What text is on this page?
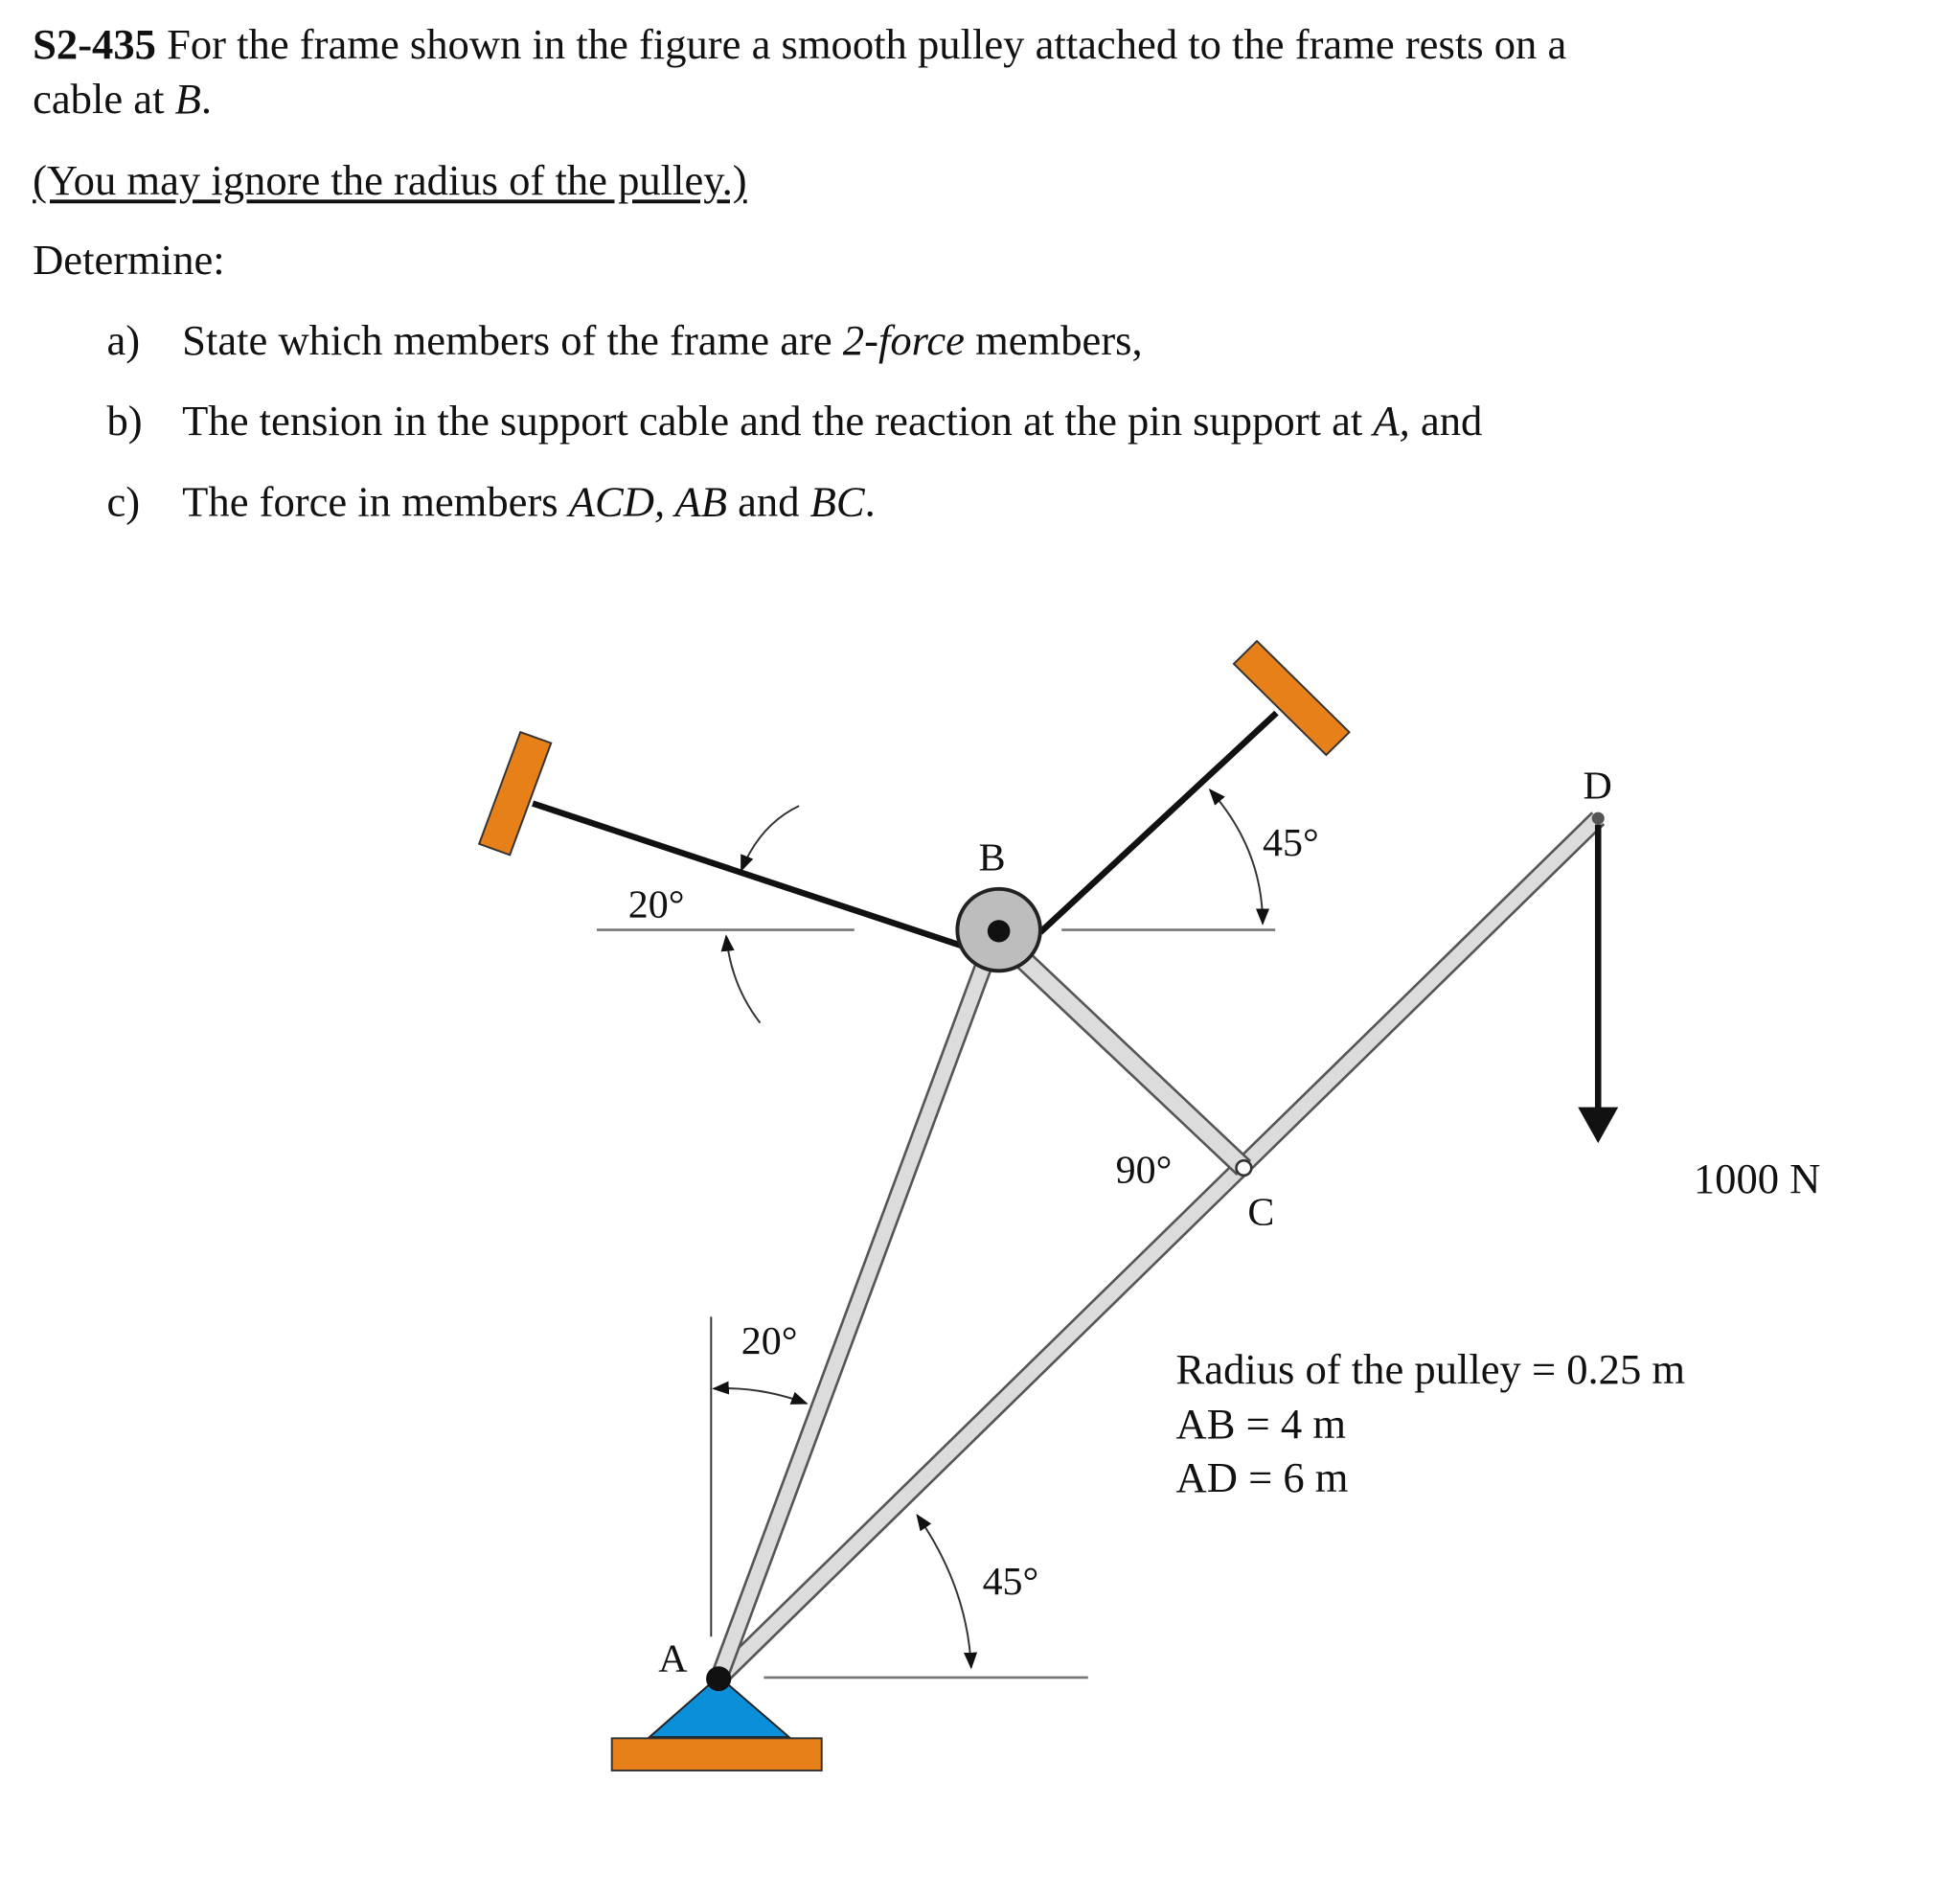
S2-435 For the frame shown in the figure a smooth pulley attached to the frame rests on a
cable at B.
(You may ignore the radius of the pulley.)
Determine:
a) State which members of the frame are 2-force members,
b) The tension in the support cable and the reaction at the pin support at A, and
c) The force in members ACD, AB and BC.
20°
B	45°
D
90°
C
1000 N
20°
45°
A
Radius of the pulley = 0.25 m
AB = 4 m
AD = 6 m
